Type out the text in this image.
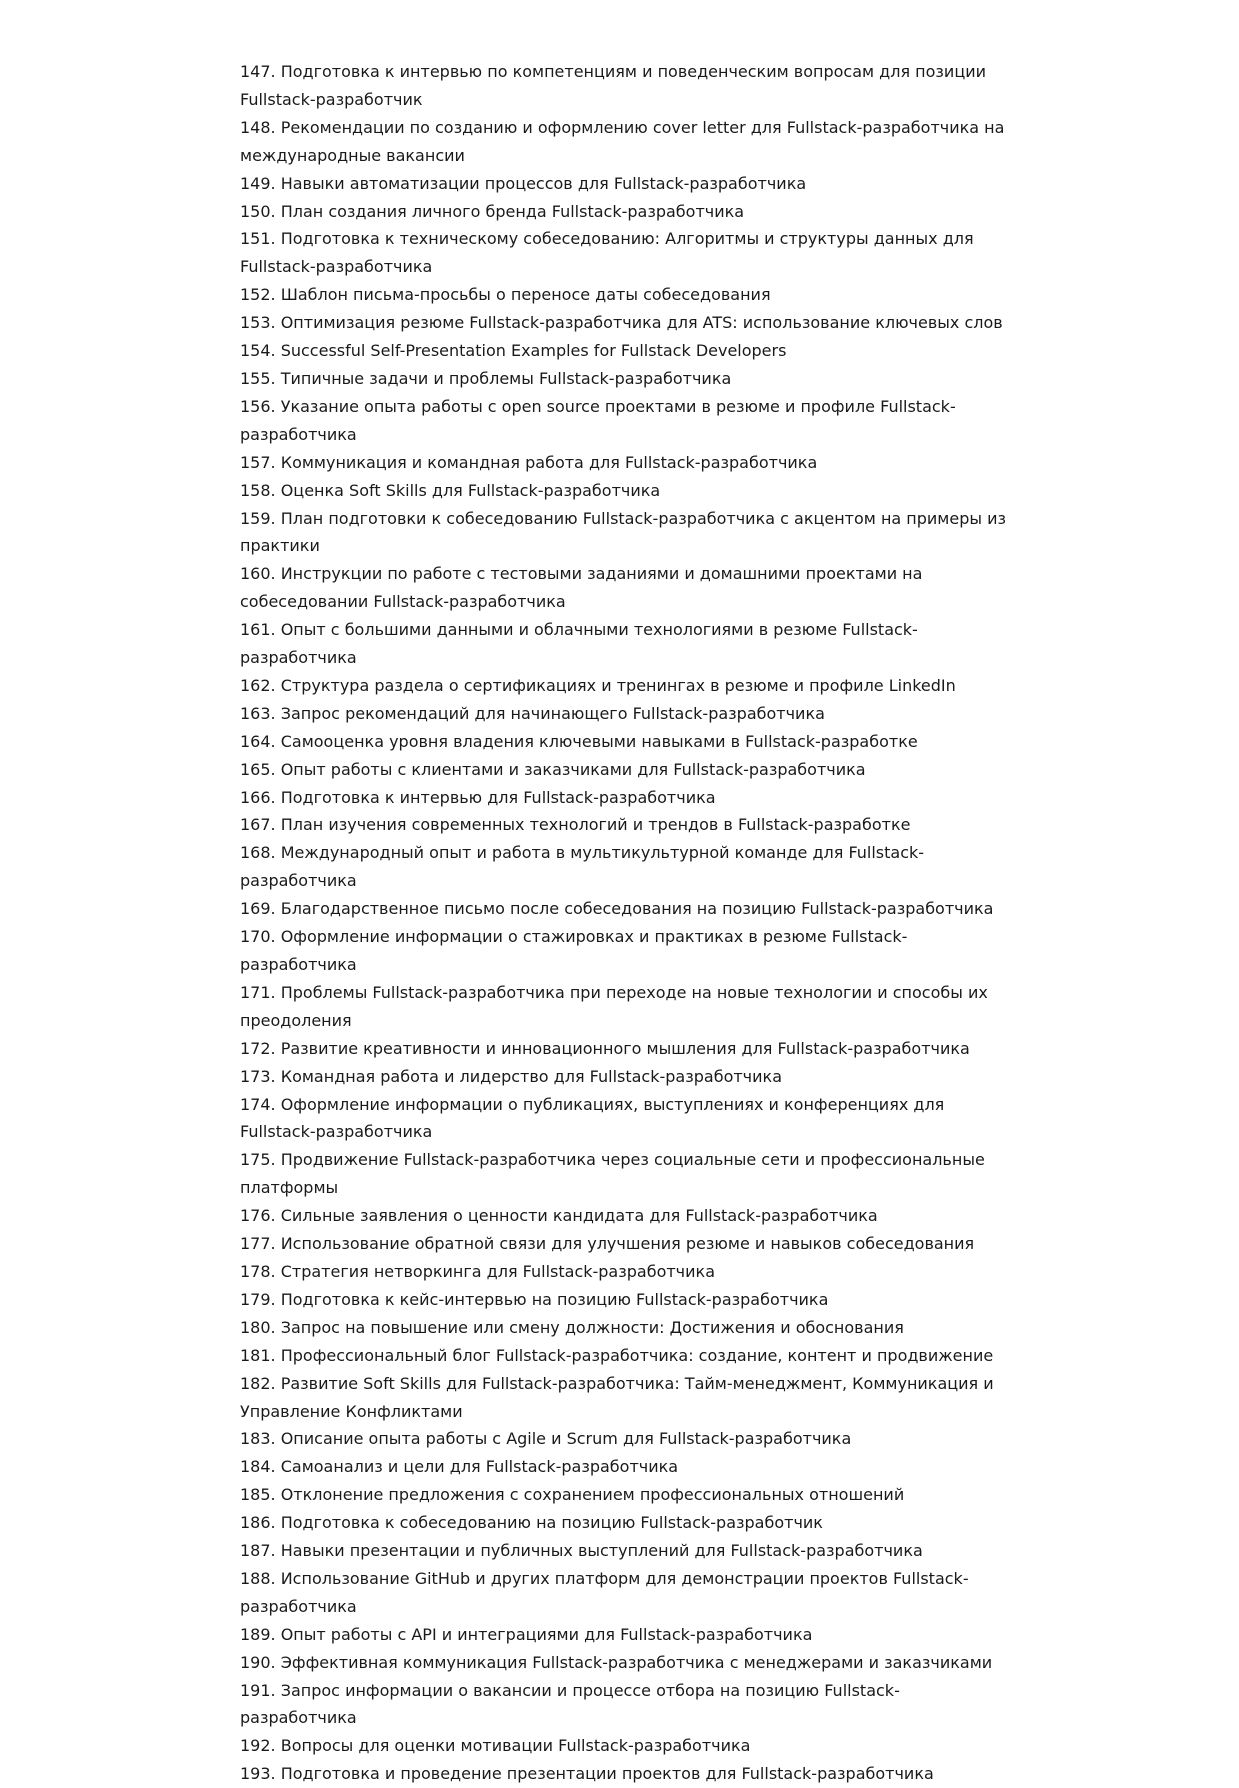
147. Подготовка к интервью по компетенциям и поведенческим вопросам для позиции Fullstack-разработчик
148. Рекомендации по созданию и оформлению cover letter для Fullstack-разработчика на международные вакансии
149. Навыки автоматизации процессов для Fullstack-разработчика
150. План создания личного бренда Fullstack-разработчика
151. Подготовка к техническому собеседованию: Алгоритмы и структуры данных для Fullstack-разработчика
152. Шаблон письма-просьбы о переносе даты собеседования
153. Оптимизация резюме Fullstack-разработчика для ATS: использование ключевых слов
154. Successful Self-Presentation Examples for Fullstack Developers
155. Типичные задачи и проблемы Fullstack-разработчика
156. Указание опыта работы с open source проектами в резюме и профиле Fullstack-разработчика
157. Коммуникация и командная работа для Fullstack-разработчика
158. Оценка Soft Skills для Fullstack-разработчика
159. План подготовки к собеседованию Fullstack-разработчика с акцентом на примеры из практики
160. Инструкции по работе с тестовыми заданиями и домашними проектами на собеседовании Fullstack-разработчика
161. Опыт с большими данными и облачными технологиями в резюме Fullstack-разработчика
162. Структура раздела о сертификациях и тренингах в резюме и профиле LinkedIn
163. Запрос рекомендаций для начинающего Fullstack-разработчика
164. Самооценка уровня владения ключевыми навыками в Fullstack-разработке
165. Опыт работы с клиентами и заказчиками для Fullstack-разработчика
166. Подготовка к интервью для Fullstack-разработчика
167. План изучения современных технологий и трендов в Fullstack-разработке
168. Международный опыт и работа в мультикультурной команде для Fullstack-разработчика
169. Благодарственное письмо после собеседования на позицию Fullstack-разработчика
170. Оформление информации о стажировках и практиках в резюме Fullstack-разработчика
171. Проблемы Fullstack-разработчика при переходе на новые технологии и способы их преодоления
172. Развитие креативности и инновационного мышления для Fullstack-разработчика
173. Командная работа и лидерство для Fullstack-разработчика
174. Оформление информации о публикациях, выступлениях и конференциях для Fullstack-разработчика
175. Продвижение Fullstack-разработчика через социальные сети и профессиональные платформы
176. Сильные заявления о ценности кандидата для Fullstack-разработчика
177. Использование обратной связи для улучшения резюме и навыков собеседования
178. Стратегия нетворкинга для Fullstack-разработчика
179. Подготовка к кейс-интервью на позицию Fullstack-разработчика
180. Запрос на повышение или смену должности: Достижения и обоснования
181. Профессиональный блог Fullstack-разработчика: создание, контент и продвижение
182. Развитие Soft Skills для Fullstack-разработчика: Тайм-менеджмент, Коммуникация и Управление Конфликтами
183. Описание опыта работы с Agile и Scrum для Fullstack-разработчика
184. Самоанализ и цели для Fullstack-разработчика
185. Отклонение предложения с сохранением профессиональных отношений
186. Подготовка к собеседованию на позицию Fullstack-разработчик
187. Навыки презентации и публичных выступлений для Fullstack-разработчика
188. Использование GitHub и других платформ для демонстрации проектов Fullstack-разработчика
189. Опыт работы с API и интеграциями для Fullstack-разработчика
190. Эффективная коммуникация Fullstack-разработчика с менеджерами и заказчиками
191. Запрос информации о вакансии и процессе отбора на позицию Fullstack-разработчика
192. Вопросы для оценки мотивации Fullstack-разработчика
193. Подготовка и проведение презентации проектов для Fullstack-разработчика
